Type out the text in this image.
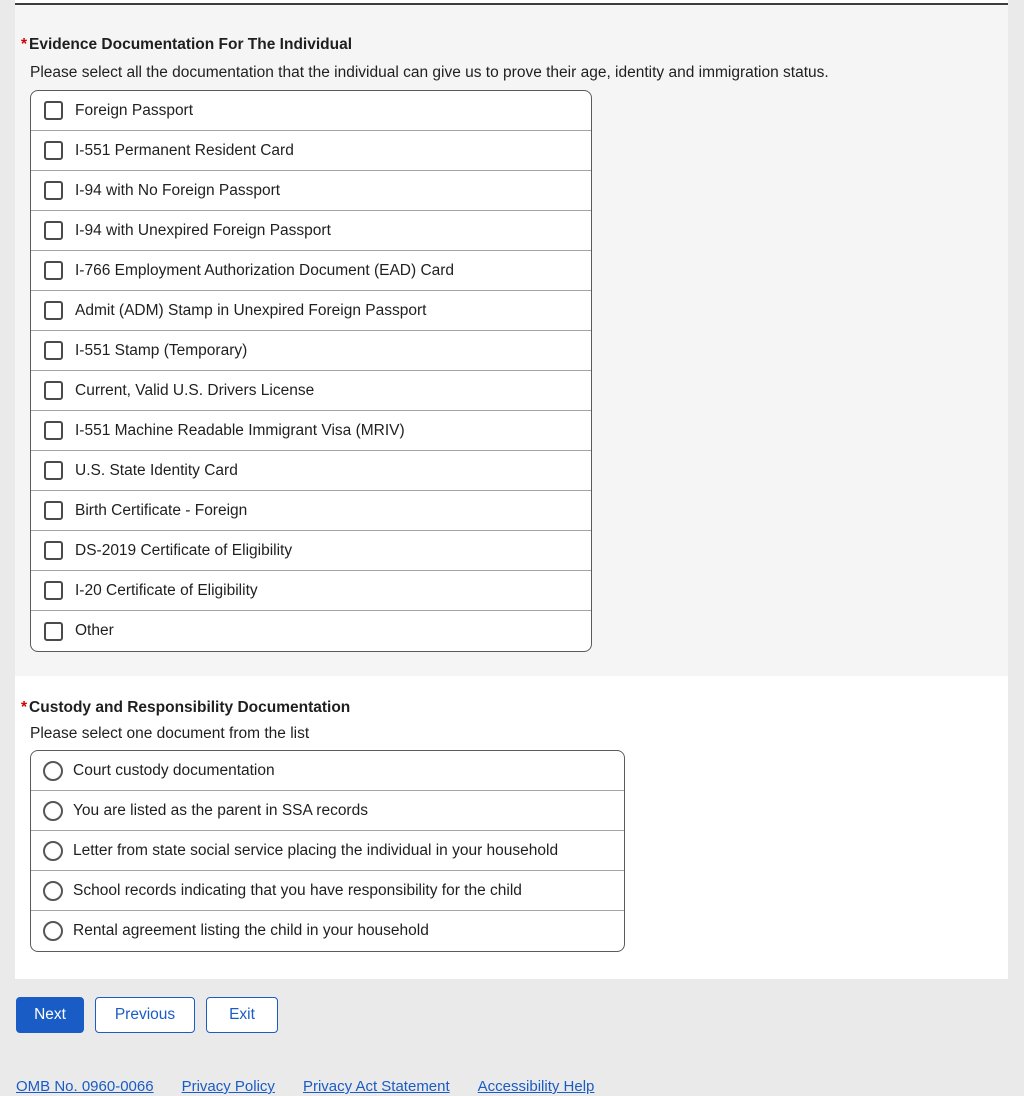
* Evidence Documentation For The Individual

Please select all the documentation that the individual can give us to prove their age, identity and immigration status.

Foreign Passport
I-551 Permanent Resident Card
I-94 with No Foreign Passport
I-94 with Unexpired Foreign Passport
I-766 Employment Authorization Document (EAD) Card
Admit (ADM) Stamp in Unexpired Foreign Passport
I-551 Stamp (Temporary)
Current, Valid U.S. Drivers License
I-551 Machine Readable Immigrant Visa (MRIV)
U.S. State Identity Card
Birth Certificate - Foreign
DS-2019 Certificate of Eligibility
I-20 Certificate of Eligibility
Other
* Custody and Responsibility Documentation

Please select one document from the list

Court custody documentation
You are listed as the parent in SSA records
Letter from state social service placing the individual in your household
School records indicating that you have responsibility for the child
Rental agreement listing the child in your household
Next	Previous	Exit
OMB No. 0960-0066 Privacy Policy Privacy Act Statement Accessibility Help
